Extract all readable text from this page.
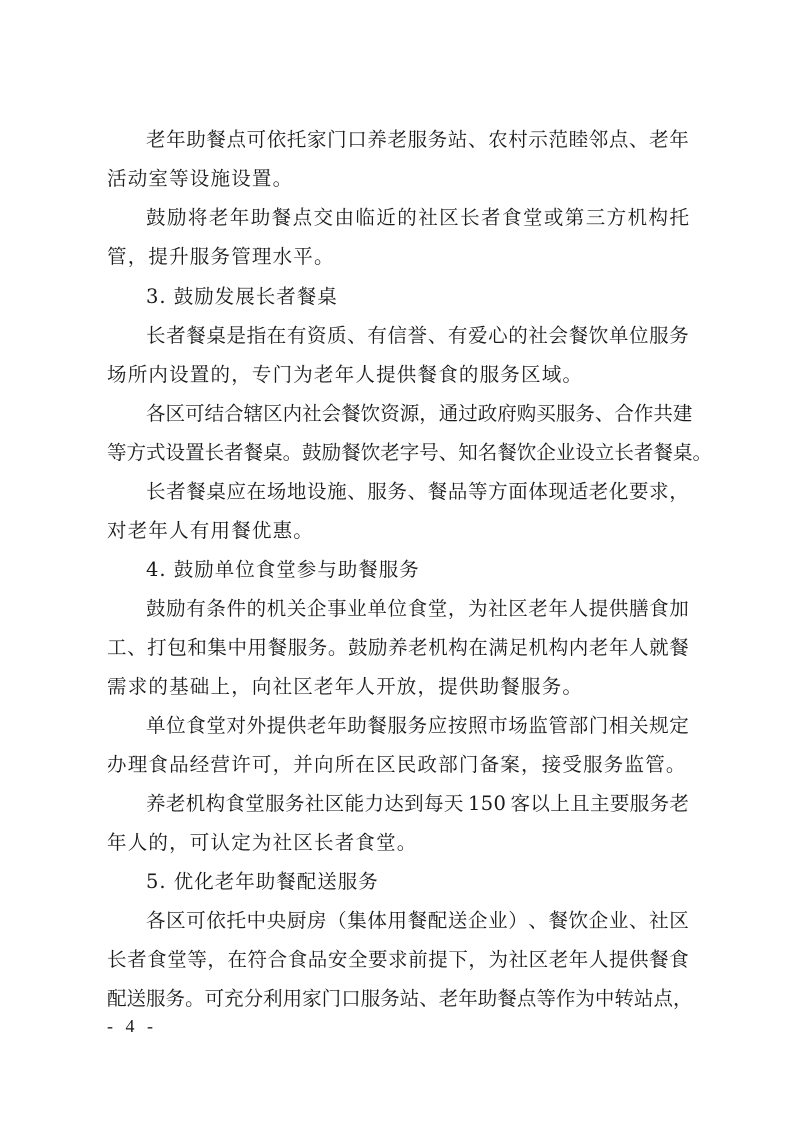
老 年 助 餐 点 可 依 托 家 门 口 养 老 服 务 站 、 农 村 示 范 睦 邻 点 、 老 年
活动室等设施设置。
鼓 励 将 老 年 助 餐 点 交 由 临 近 的 社 区 长 者 食 堂 或 第 三 方 机 构 托
管，提升服务管理水平。
3. 鼓励发展长者餐桌
长 者 餐 桌 是 指 在 有 资 质 、 有 信 誉 、 有 爱 心 的 社 会 餐 饮 单 位 服 务
场所内设置的，专门为老年人提供餐食的服务区域。
各 区 可 结 合 辖 区 内 社 会 餐 饮 资 源 ， 通 过 政 府 购 买 服 务 、 合 作 共 建
等 方 式 设 置 长 者 餐 桌 。 鼓 励 餐 饮 老 字 号 、 知 名 餐 饮 企 业 设 立 长 者 餐 桌 。
长 者 餐 桌 应 在 场 地 设 施 、 服 务 、 餐 品 等 方 面 体 现 适 老 化 要 求 ，
对老年人有用餐优惠。
4. 鼓励单位食堂参与助餐服务
鼓 励 有 条 件 的 机 关 企 事 业 单 位 食 堂 ， 为 社 区 老 年 人 提 供 膳 食 加
工 、 打 包 和 集 中 用 餐 服 务 。 鼓 励 养 老 机 构 在 满 足 机 构 内 老 年 人 就 餐
需求的基础上，向社区老年人开放，提供助餐服务。
单 位 食 堂 对 外 提 供 老 年 助 餐 服 务 应 按 照 市 场 监 管 部 门 相 关 规 定
办理食品经营许可，并向所在区民政部门备案，接受服务监管。
养 老 机 构 食 堂 服 务 社 区 能 力 达 到 每 天
  1 5 0
  客 以 上 且 主 要 服 务 老
年人的，可认定为社区长者食堂。
5. 优化老年助餐配送服务
各 区 可 依 托 中 央 厨 房 （ 集 体 用 餐 配 送 企 业 ） 、 餐 饮 企 业 、 社 区
长 者 食 堂 等 ， 在 符 合 食 品 安 全 要 求 前 提 下 ， 为 社 区 老 年 人 提 供 餐 食
配 送 服 务 。 可 充 分 利 用 家 门 口 服 务 站 、 老 年 助 餐 点 等 作 为 中 转 站 点 ，
- 4 -
